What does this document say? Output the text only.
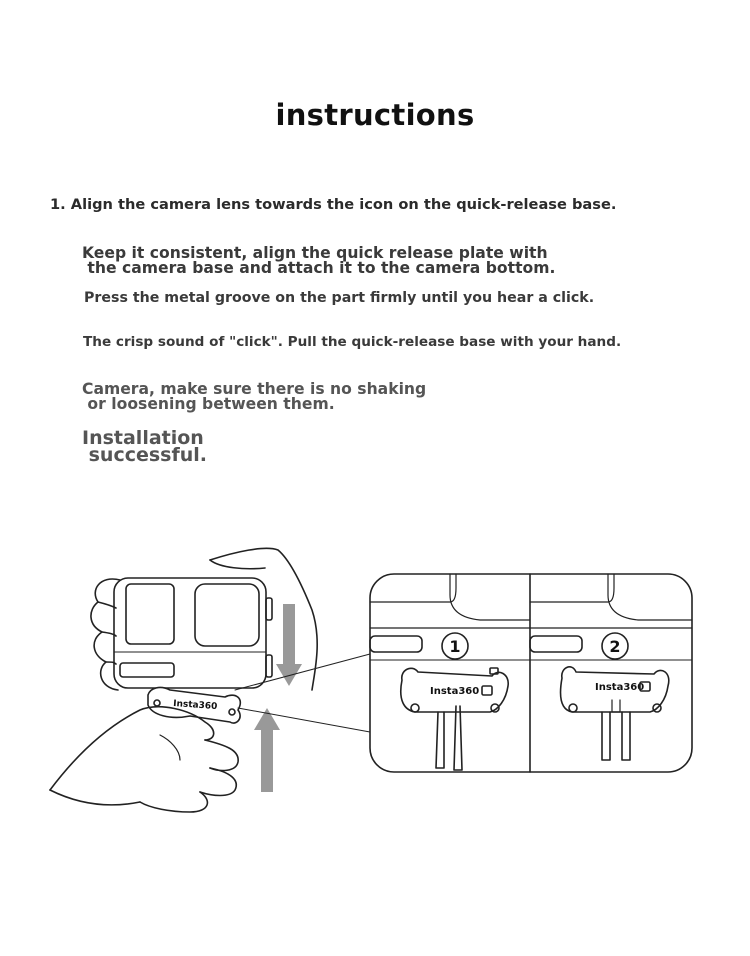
instructions
1. Align the camera lens towards the icon on the quick-release base.
Keep it consistent, align the quick release plate with
the camera base and attach it to the camera bottom.
Press the metal groove on the part firmly until you hear a click.
The crisp sound of "click". Pull the quick-release base with your hand.
Camera, make sure there is no shaking
or loosening between them.
Installation
successful.
Insta360
1	2
Insta360	Insta360
